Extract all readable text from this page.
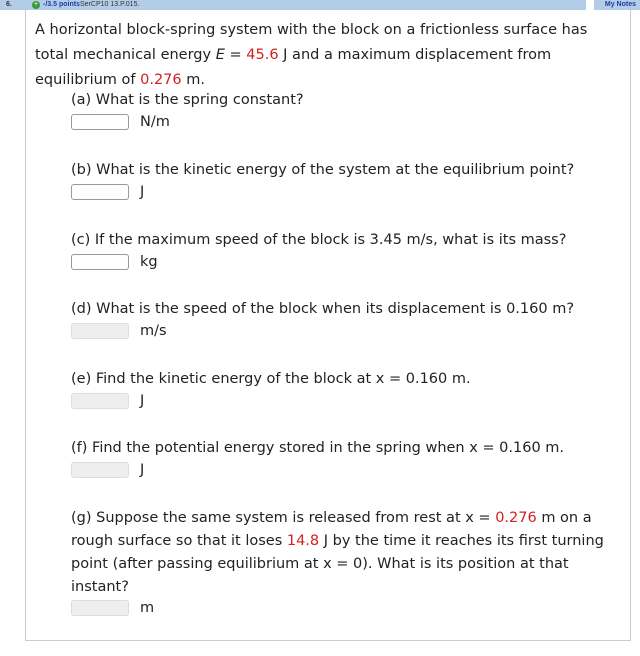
6.	+ -/3.5 points SerCP10 13.P.015.	My Notes
A horizontal block-spring system with the block on a frictionless surface has total mechanical energy E = 45.6 J and a maximum displacement from equilibrium of 0.276 m.
(a) What is the spring constant?
N/m
(b) What is the kinetic energy of the system at the equilibrium point?
J
(c) If the maximum speed of the block is 3.45 m/s, what is its mass?
kg
(d) What is the speed of the block when its displacement is 0.160 m?
m/s
(e) Find the kinetic energy of the block at x = 0.160 m.
J
(f) Find the potential energy stored in the spring when x = 0.160 m.
J
(g) Suppose the same system is released from rest at x = 0.276 m on a rough surface so that it loses 14.8 J by the time it reaches its first turning point (after passing equilibrium at x = 0). What is its position at that instant?
m
